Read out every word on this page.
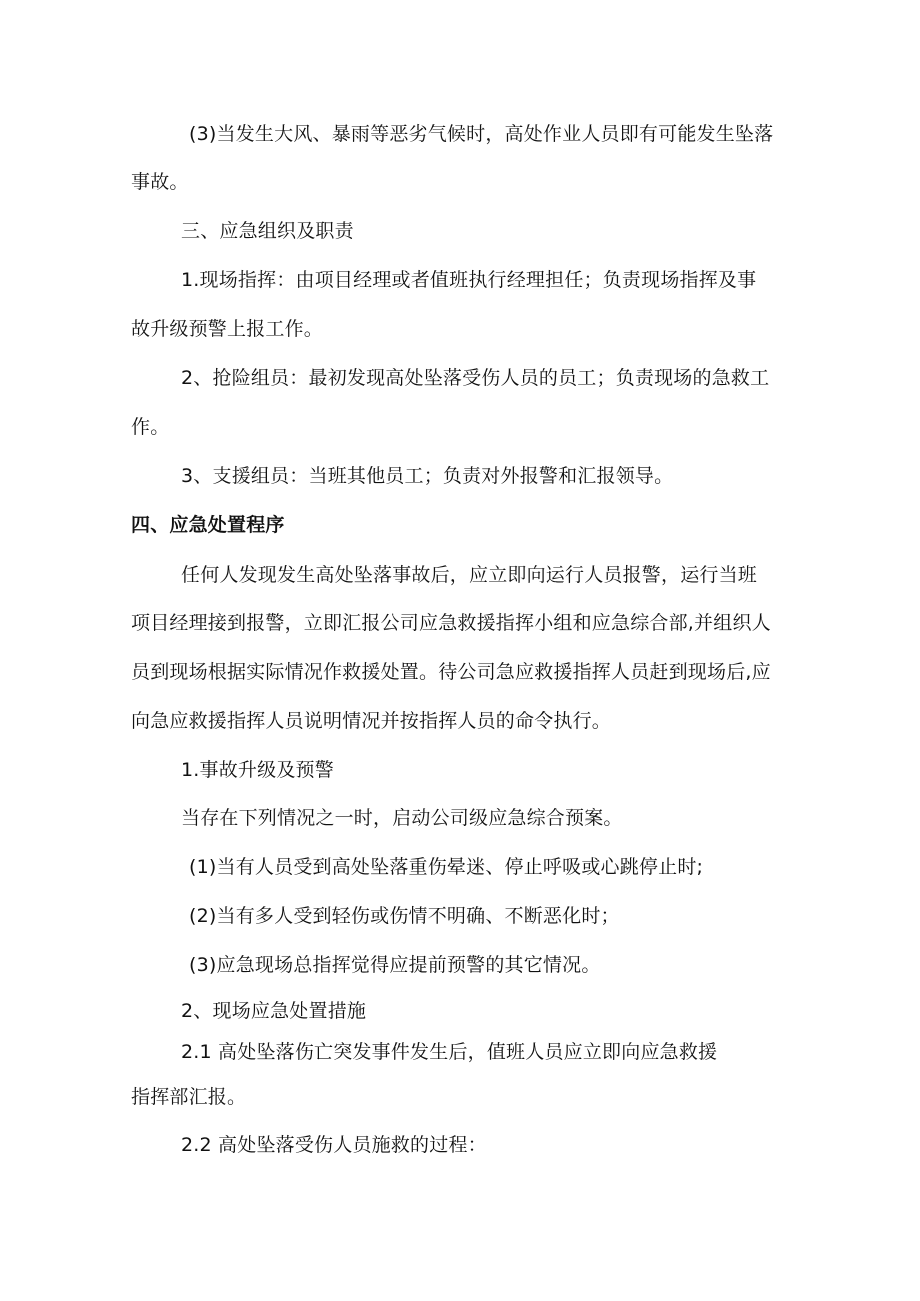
(3)当发生大风、暴雨等恶劣气候时，高处作业人员即有可能发生坠落
事故。
三、应急组织及职责
1.现场指挥：由项目经理或者值班执行经理担任；负责现场指挥及事
故升级预警上报工作。
2、抢险组员：最初发现高处坠落受伤人员的员工；负责现场的急救工
作。
3、支援组员：当班其他员工；负责对外报警和汇报领导。
四、应急处置程序
任何人发现发生高处坠落事故后，应立即向运行人员报警，运行当班
项目经理接到报警，立即汇报公司应急救援指挥小组和应急综合部,并组织人
员到现场根据实际情况作救援处置。待公司急应救援指挥人员赶到现场后,应
向急应救援指挥人员说明情况并按指挥人员的命令执行。
1.事故升级及预警
当存在下列情况之一时，启动公司级应急综合预案。
(1)当有人员受到高处坠落重伤晕迷、停止呼吸或心跳停止时;
(2)当有多人受到轻伤或伤情不明确、不断恶化时；
(3)应急现场总指挥觉得应提前预警的其它情况。
2、现场应急处置措施
2.1 高处坠落伤亡突发事件发生后，值班人员应立即向应急救援
指挥部汇报。
2.2 高处坠落受伤人员施救的过程：
